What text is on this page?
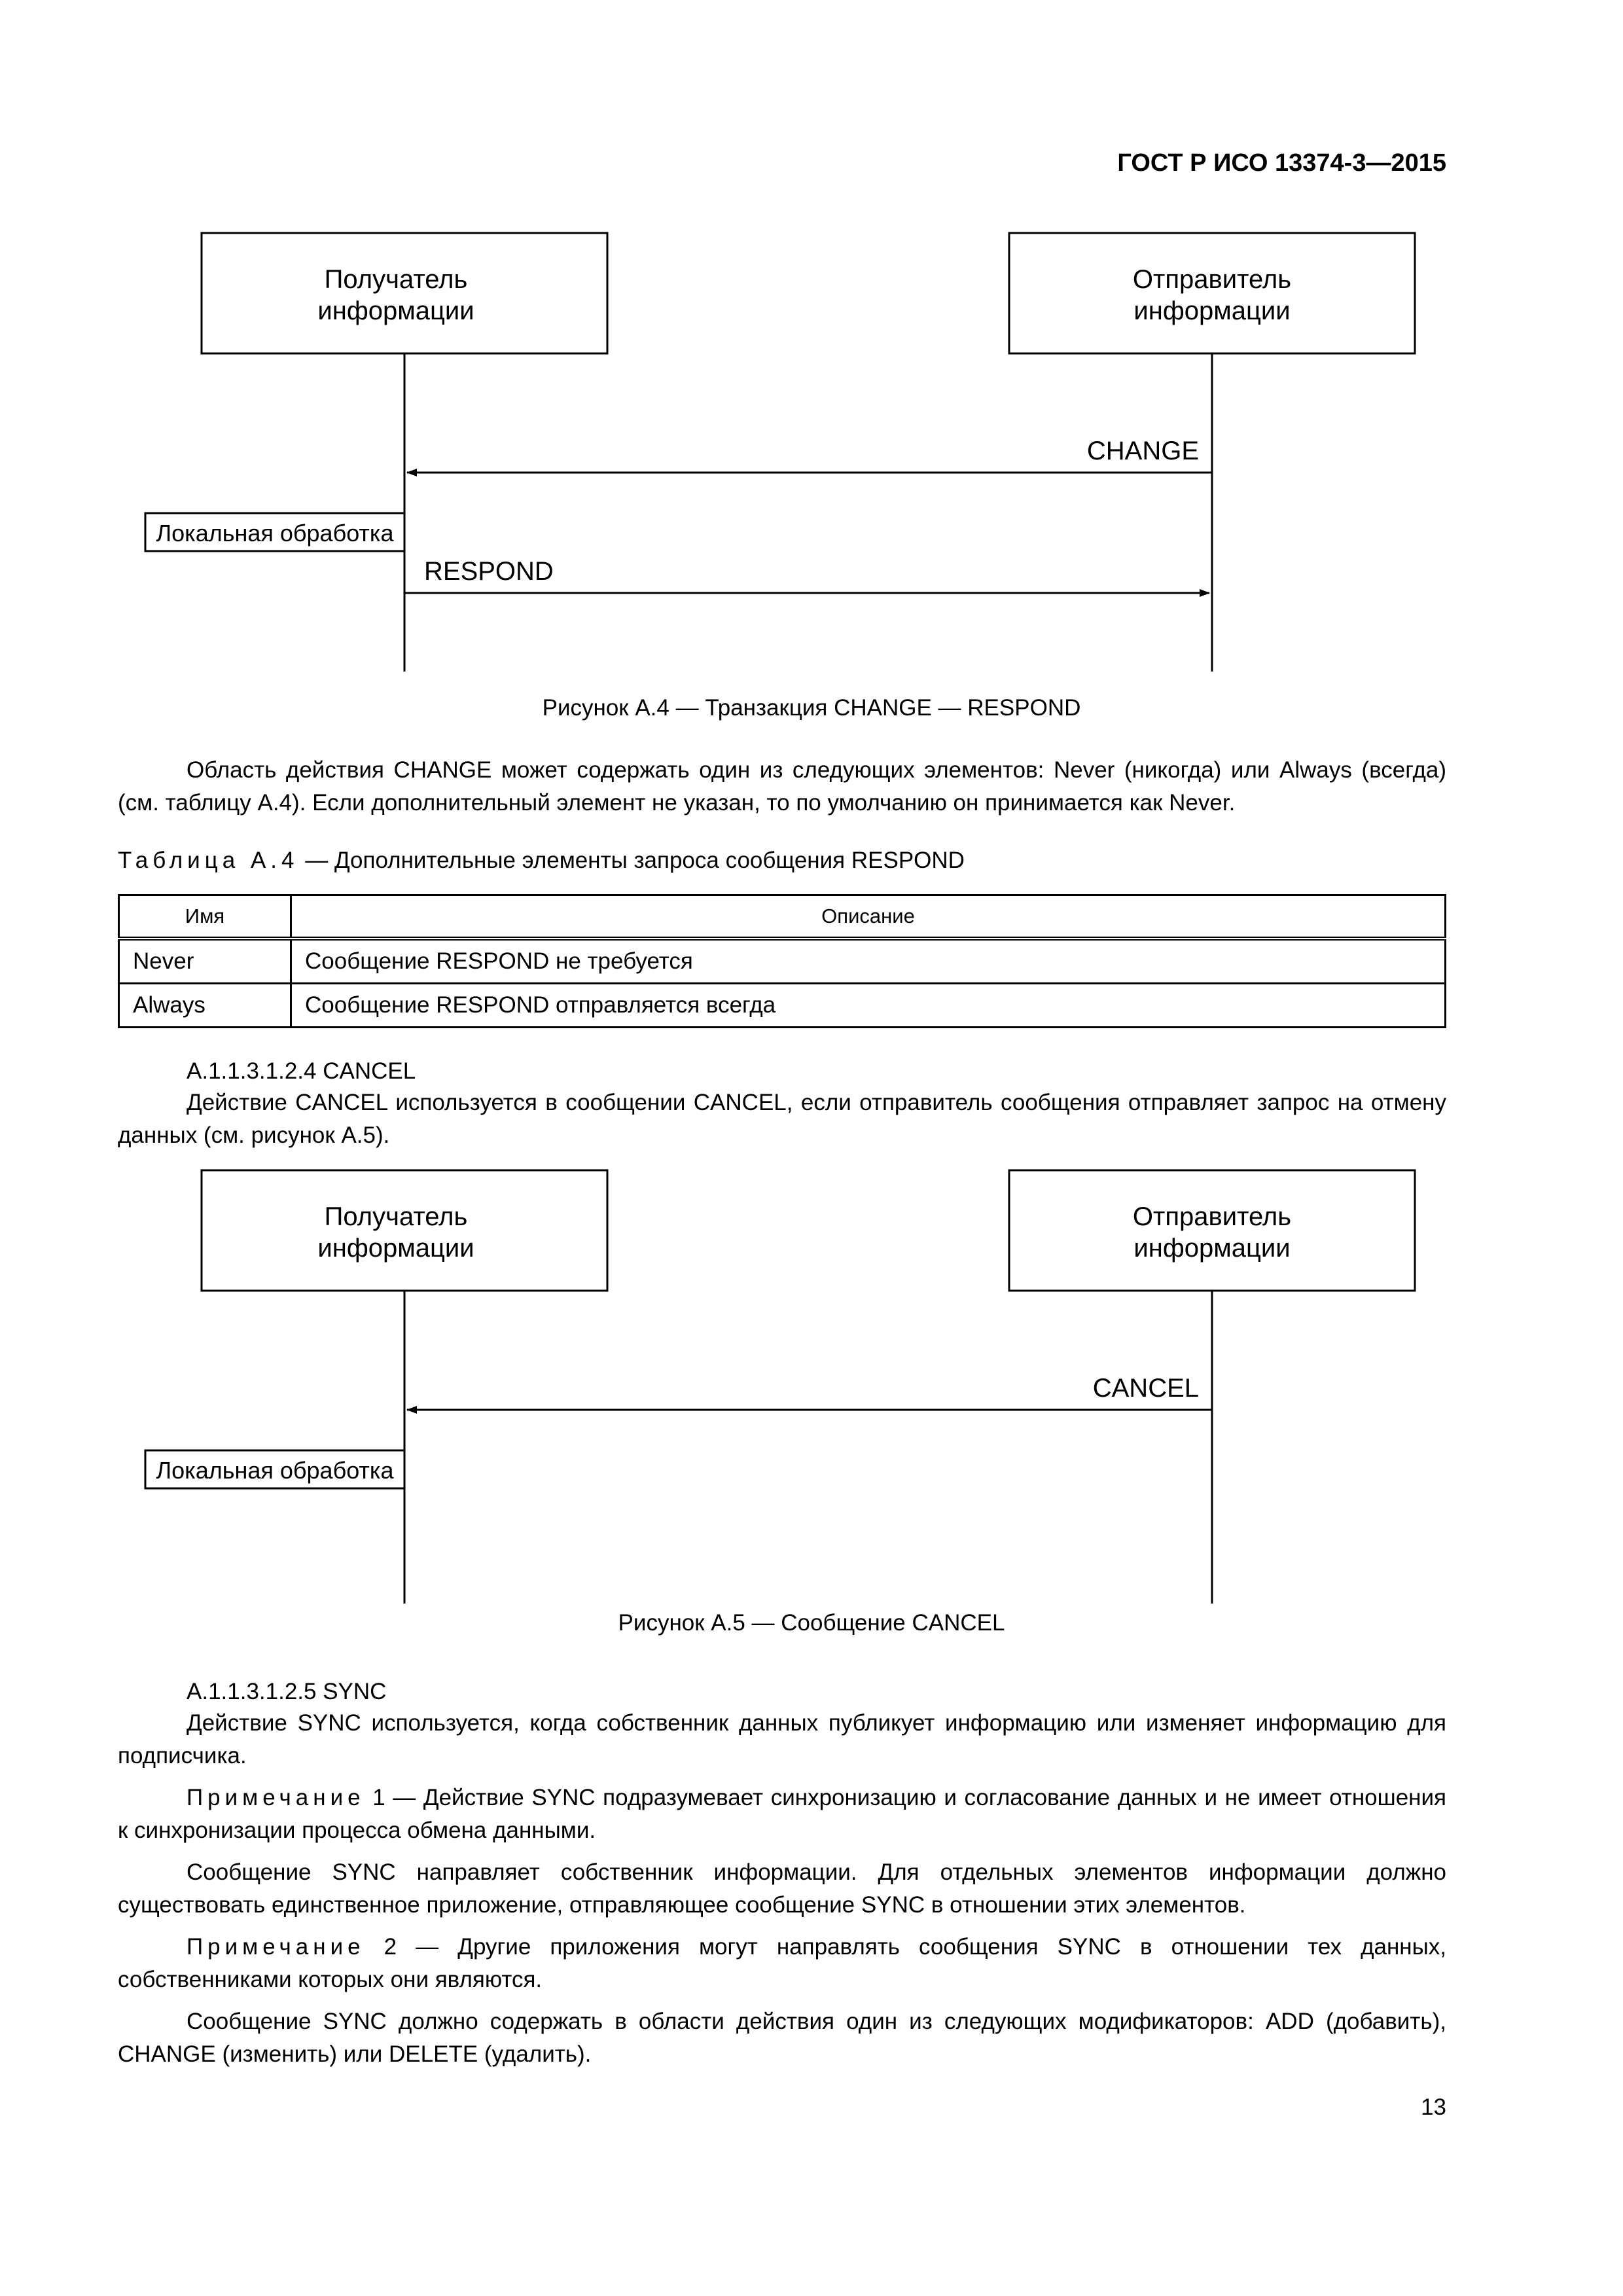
ГОСТ Р ИСО 13374-3—2015
Получатель
информации
Отправитель
информации
CHANGE
Локальная обработка
RESPOND
Рисунок А.4 — Транзакция CHANGE — RESPOND
Область действия CHANGE может содержать один из следующих элементов: Never (никогда) или Always (всегда) (см. таблицу А.4). Если дополнительный элемент не указан, то по умолчанию он принимается как Never.
Таблица А.4 — Дополнительные элементы запроса сообщения RESPOND
Имя	Описание
Never	Сообщение RESPOND не требуется
Always	Сообщение RESPOND отправляется всегда
А.1.1.3.1.2.4 CANCEL
Действие CANCEL используется в сообщении CANCEL, если отправитель сообщения отправляет запрос на отмену данных (см. рисунок А.5).
Получатель
информации
Отправитель
информации
CANCEL
Локальная обработка
Рисунок А.5 — Сообщение CANCEL
А.1.1.3.1.2.5 SYNC
Действие SYNC используется, когда собственник данных публикует информацию или изменяет информацию для подписчика.
Примечание 1 — Действие SYNC подразумевает синхронизацию и согласование данных и не имеет отношения к синхронизации процесса обмена данными.
Сообщение SYNC направляет собственник информации. Для отдельных элементов информации должно существовать единственное приложение, отправляющее сообщение SYNC в отношении этих элементов.
Примечание 2 — Другие приложения могут направлять сообщения SYNC в отношении тех данных, собственниками которых они являются.
Сообщение SYNC должно содержать в области действия один из следующих модификаторов: ADD (добавить), CHANGE (изменить) или DELETE (удалить).
13
